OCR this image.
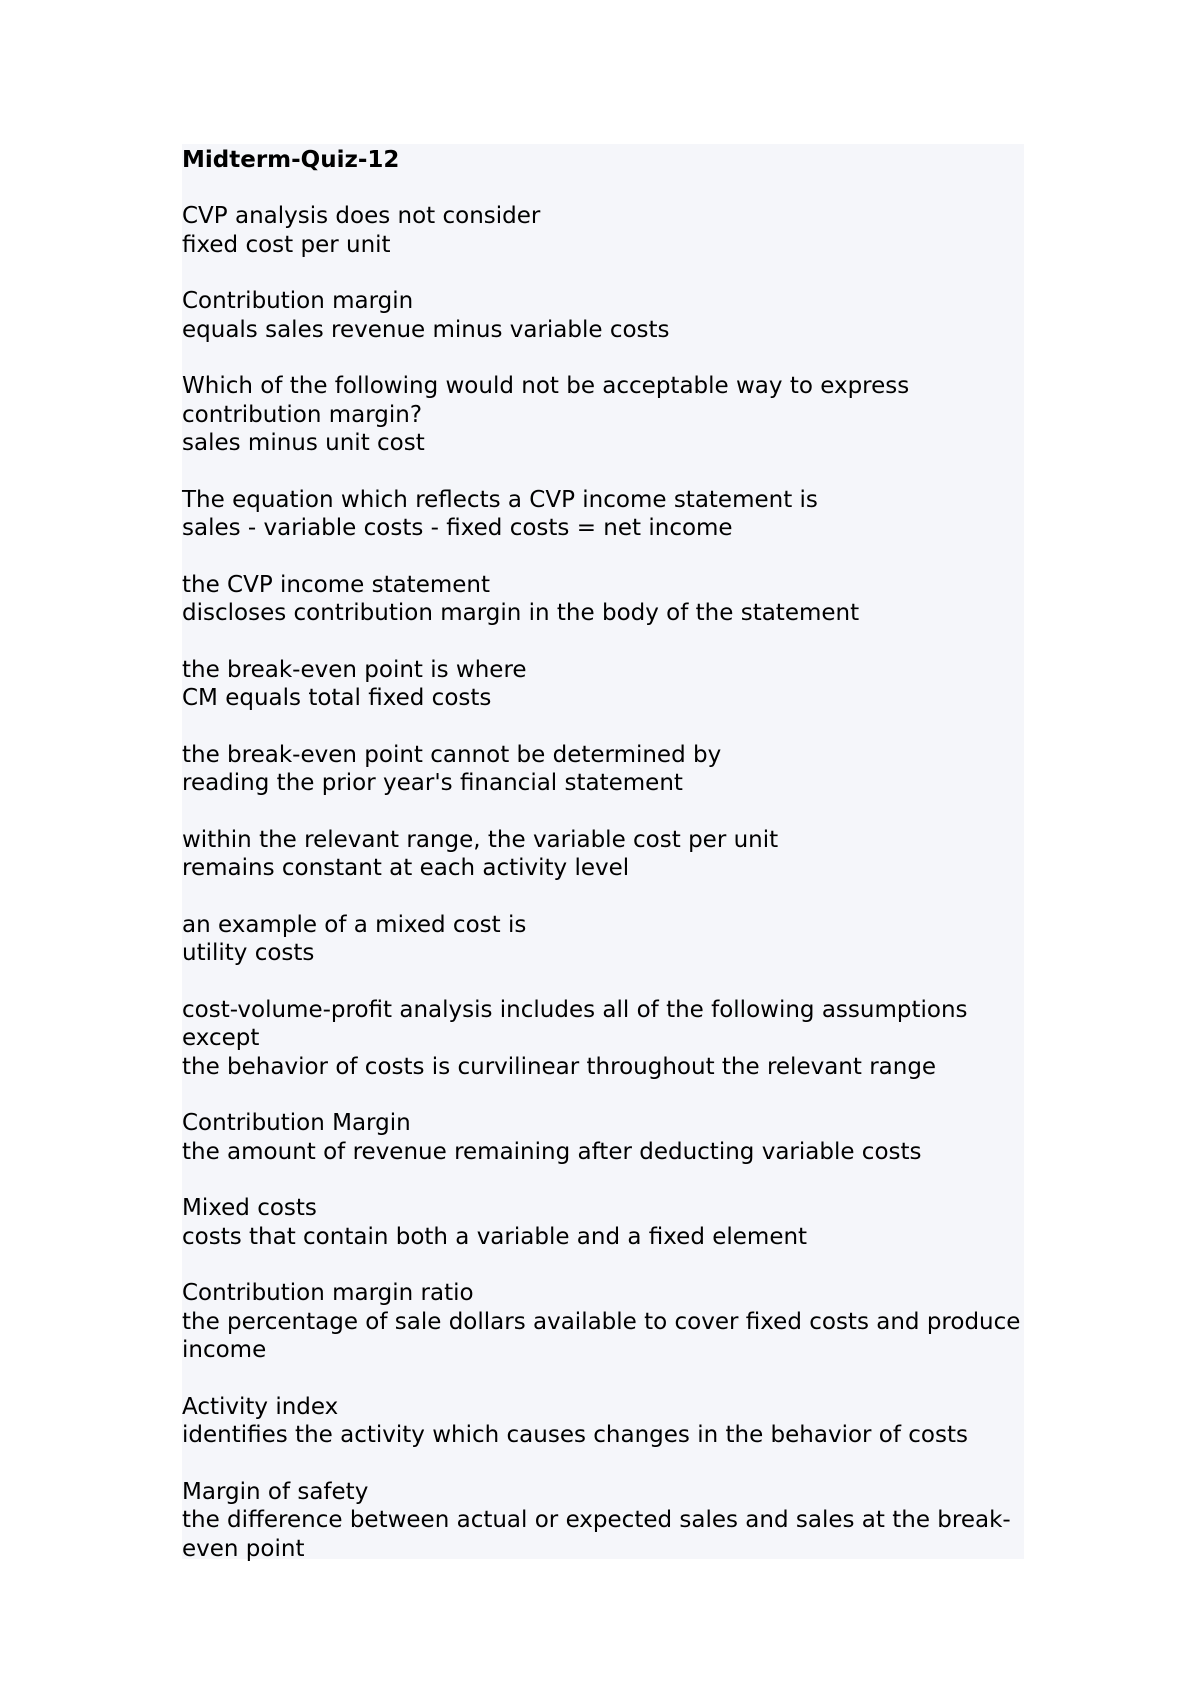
Midterm-Quiz-12
CVP analysis does not consider
fixed cost per unit
Contribution margin
equals sales revenue minus variable costs
Which of the following would not be acceptable way to express contribution margin?
sales minus unit cost
The equation which reflects a CVP income statement is
sales - variable costs - fixed costs = net income
the CVP income statement
discloses contribution margin in the body of the statement
the break-even point is where
CM equals total fixed costs
the break-even point cannot be determined by
reading the prior year's financial statement
within the relevant range, the variable cost per unit
remains constant at each activity level
an example of a mixed cost is
utility costs
cost-volume-profit analysis includes all of the following assumptions except
the behavior of costs is curvilinear throughout the relevant range
Contribution Margin
the amount of revenue remaining after deducting variable costs
Mixed costs
costs that contain both a variable and a fixed element
Contribution margin ratio
the percentage of sale dollars available to cover fixed costs and produce income
Activity index
identifies the activity which causes changes in the behavior of costs
Margin of safety
the difference between actual or expected sales and sales at the break-even point
